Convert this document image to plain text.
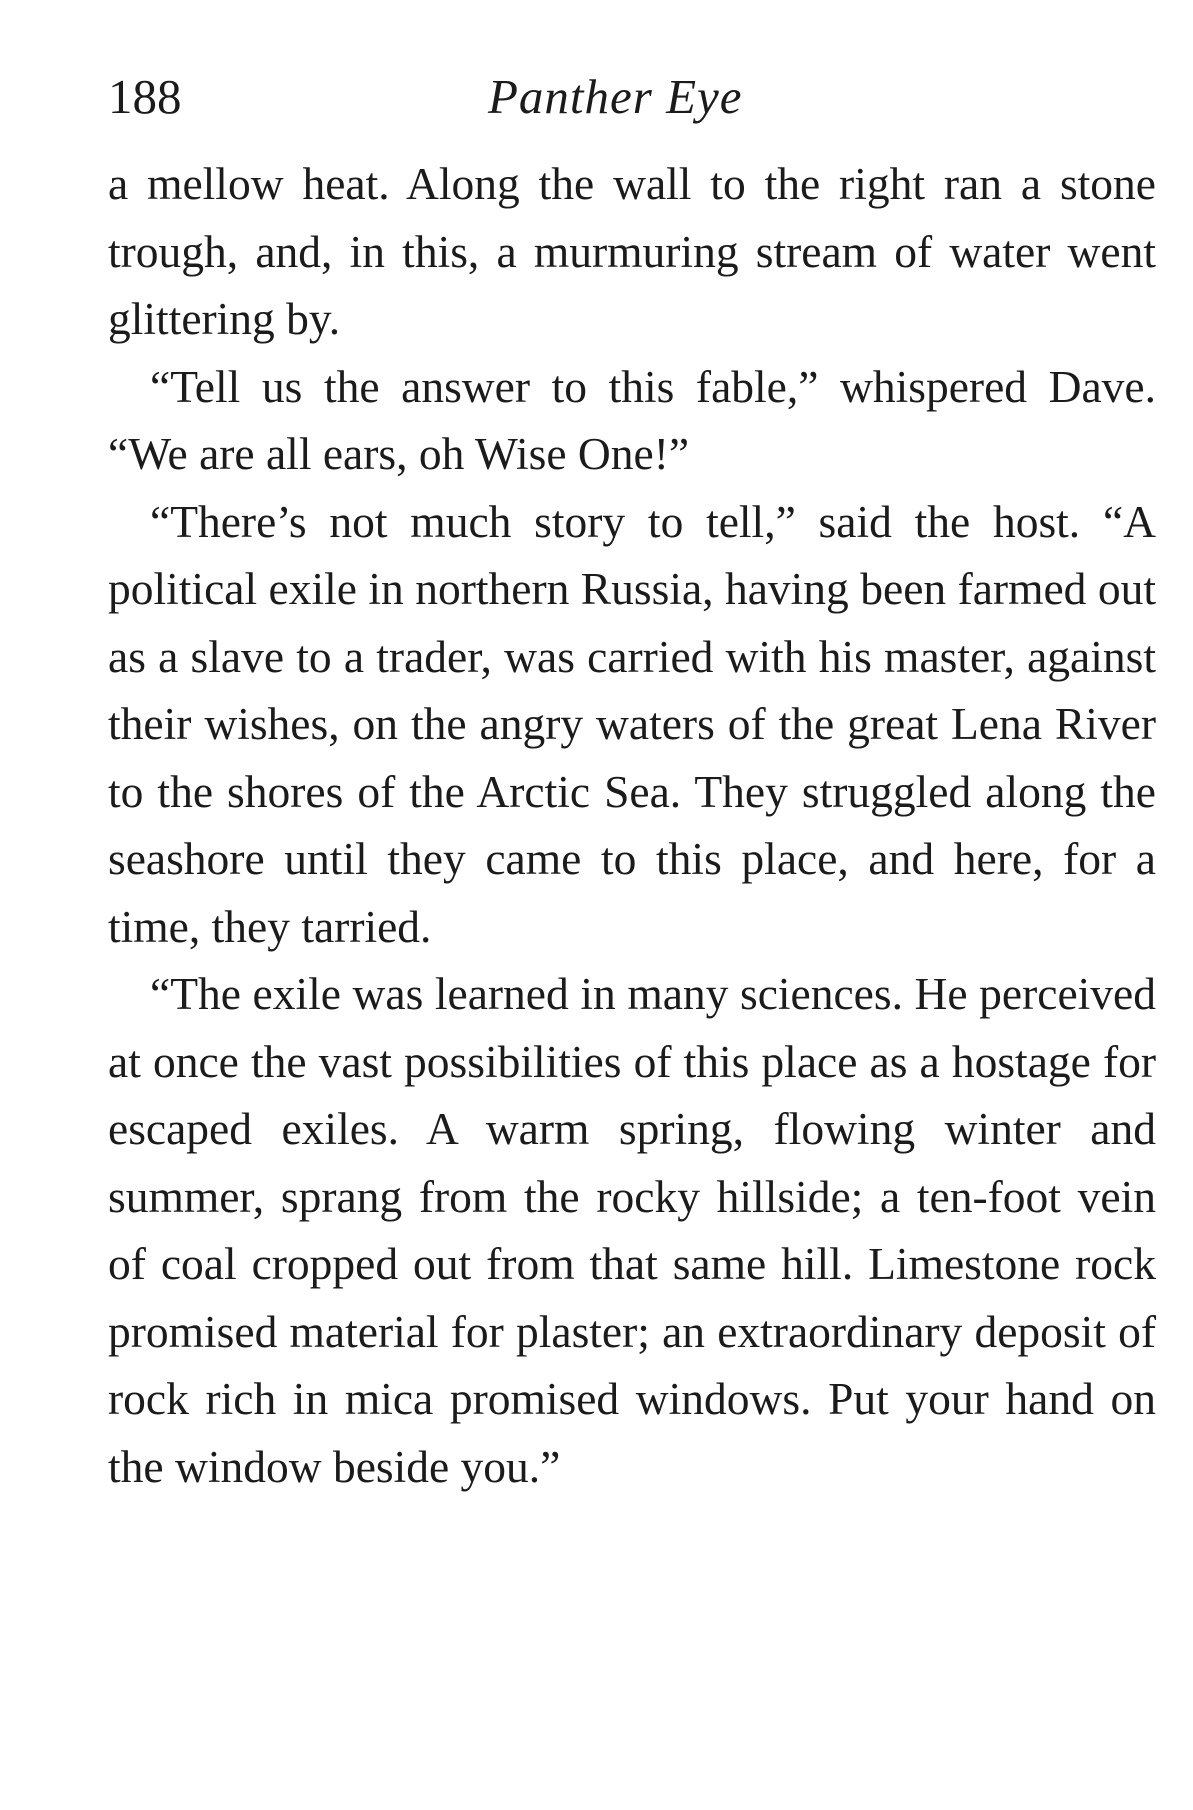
188	Panther Eye

a mellow heat. Along the wall to the right ran a stone trough, and, in this, a murmuring stream of water went glittering by.

“Tell us the answer to this fable,” whispered Dave. “We are all ears, oh Wise One!”

“There’s not much story to tell,” said the host. “A political exile in northern Russia, having been farmed out as a slave to a trader, was carried with his master, against their wishes, on the angry waters of the great Lena River to the shores of the Arctic Sea. They struggled along the seashore until they came to this place, and here, for a time, they tarried.

“The exile was learned in many sciences. He perceived at once the vast possibilities of this place as a hostage for escaped exiles. A warm spring, flowing winter and summer, sprang from the rocky hillside; a ten-foot vein of coal cropped out from that same hill. Limestone rock promised material for plaster; an extraordinary deposit of rock rich in mica promised windows. Put your hand on the window beside you.”
